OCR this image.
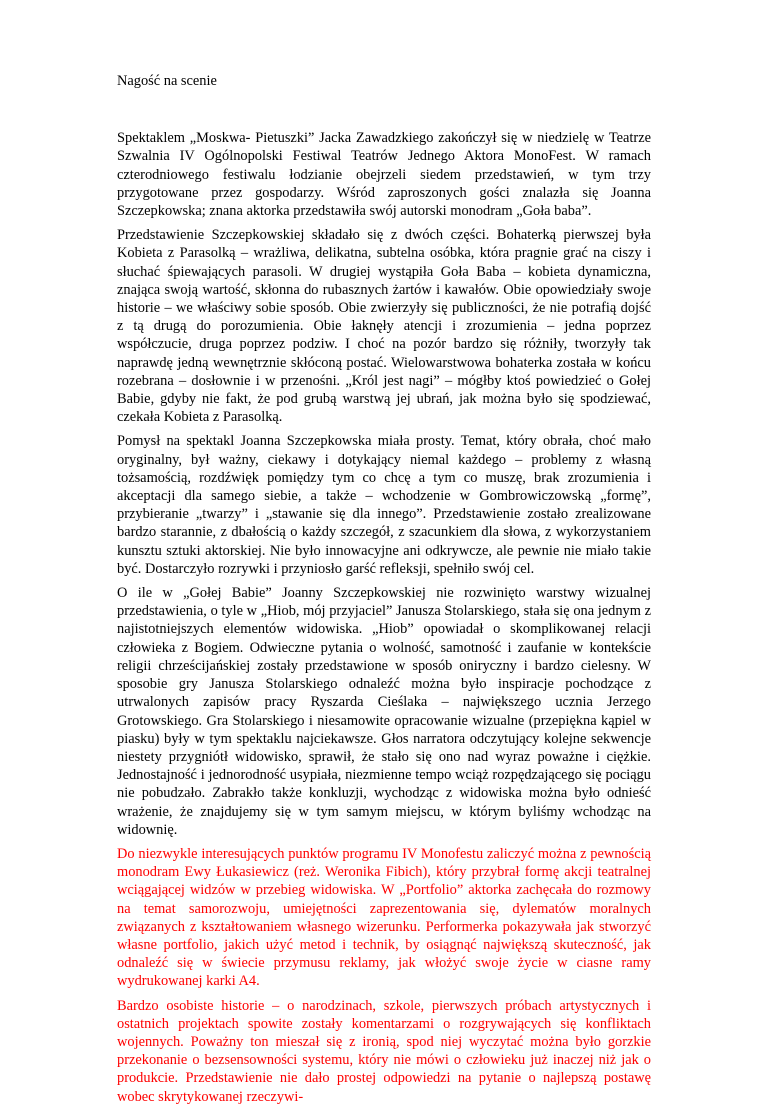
Nagość na scenie

Spektaklem „Moskwa- Pietuszki” Jacka Zawadzkiego zakończył się w niedzielę w Teatrze Szwalnia IV Ogólnopolski Festiwal Teatrów Jednego Aktora MonoFest. W ramach czterodniowego festiwalu łodzianie obejrzeli siedem przedstawień, w tym trzy przygotowane przez gospodarzy. Wśród zaproszonych gości znalazła się Joanna Szczepkowska; znana aktorka przedstawiła swój autorski monodram „Goła baba”.

Przedstawienie Szczepkowskiej składało się z dwóch części. Bohaterką pierwszej była Kobieta z Parasolką – wrażliwa, delikatna, subtelna osóbka, która pragnie grać na ciszy i słuchać śpiewających parasoli. W drugiej wystąpiła Goła Baba – kobieta dynamiczna, znająca swoją wartość, skłonna do rubasznych żartów i kawałów. Obie opowiedziały swoje historie – we właściwy sobie sposób. Obie zwierzyły się publiczności, że nie potrafią dojść z tą drugą do porozumienia. Obie łaknęły atencji i zrozumienia – jedna poprzez współczucie, druga poprzez podziw. I choć na pozór bardzo się różniły, tworzyły tak naprawdę jedną wewnętrznie skłóconą postać. Wielowarstwowa bohaterka została w końcu rozebrana – dosłownie i w przenośni. „Król jest nagi” – mógłby ktoś powiedzieć o Gołej Babie, gdyby nie fakt, że pod grubą warstwą jej ubrań, jak można było się spodziewać, czekała Kobieta z Parasolką.

Pomysł na spektakl Joanna Szczepkowska miała prosty. Temat, który obrała, choć mało oryginalny, był ważny, ciekawy i dotykający niemal każdego – problemy z własną tożsamością, rozdźwięk pomiędzy tym co chcę a tym co muszę, brak zrozumienia i akceptacji dla samego siebie, a także – wchodzenie w Gombrowiczowską „formę”, przybieranie „twarzy” i „stawanie się dla innego”. Przedstawienie zostało zrealizowane bardzo starannie, z dbałością o każdy szczegół, z szacunkiem dla słowa, z wykorzystaniem kunsztu sztuki aktorskiej. Nie było innowacyjne ani odkrywcze, ale pewnie nie miało takie być. Dostarczyło rozrywki i przyniosło garść refleksji, spełniło swój cel.

O ile w „Gołej Babie” Joanny Szczepkowskiej nie rozwinięto warstwy wizualnej przedstawienia, o tyle w „Hiob, mój przyjaciel” Janusza Stolarskiego, stała się ona jednym z najistotniejszych elementów widowiska. „Hiob” opowiadał o skomplikowanej relacji człowieka z Bogiem. Odwieczne pytania o wolność, samotność i zaufanie w kontekście religii chrześcijańskiej zostały przedstawione w sposób oniryczny i bardzo cielesny. W sposobie gry Janusza Stolarskiego odnaleźć można było inspiracje pochodzące z utrwalonych zapisów pracy Ryszarda Cieślaka – największego ucznia Jerzego Grotowskiego. Gra Stolarskiego i niesamowite opracowanie wizualne (przepiękna kąpiel w piasku) były w tym spektaklu najciekawsze. Głos narratora odczytujący kolejne sekwencje niestety przygniótł widowisko, sprawił, że stało się ono nad wyraz poważne i ciężkie. Jednostajność i jednorodność usypiała, niezmienne tempo wciąż rozpędzającego się pociągu nie pobudzało. Zabrakło także konkluzji, wychodząc z widowiska można było odnieść wrażenie, że znajdujemy się w tym samym miejscu, w którym byliśmy wchodząc na widownię.

Do niezwykle interesujących punktów programu IV Monofestu zaliczyć można z pewnością monodram Ewy Łukasiewicz (reż. Weronika Fibich), który przybrał formę akcji teatralnej wciągającej widzów w przebieg widowiska. W „Portfolio” aktorka zachęcała do rozmowy na temat samorozwoju, umiejętności zaprezentowania się, dylematów moralnych związanych z kształtowaniem własnego wizerunku. Performerka pokazywała jak stworzyć własne portfolio, jakich użyć metod i technik, by osiągnąć największą skuteczność, jak odnaleźć się w świecie przymusu reklamy, jak włożyć swoje życie w ciasne ramy wydrukowanej karki A4.

Bardzo osobiste historie – o narodzinach, szkole, pierwszych próbach artystycznych i ostatnich projektach spowite zostały komentarzami o rozgrywających się konfliktach wojennych. Poważny ton mieszał się z ironią, spod niej wyczytać można było gorzkie przekonanie o bezsensowności systemu, który nie mówi o człowieku już inaczej niż jak o produkcie. Przedstawienie nie dało prostej odpowiedzi na pytanie o najlepszą postawę wobec skrytykowanej rzeczywi-
